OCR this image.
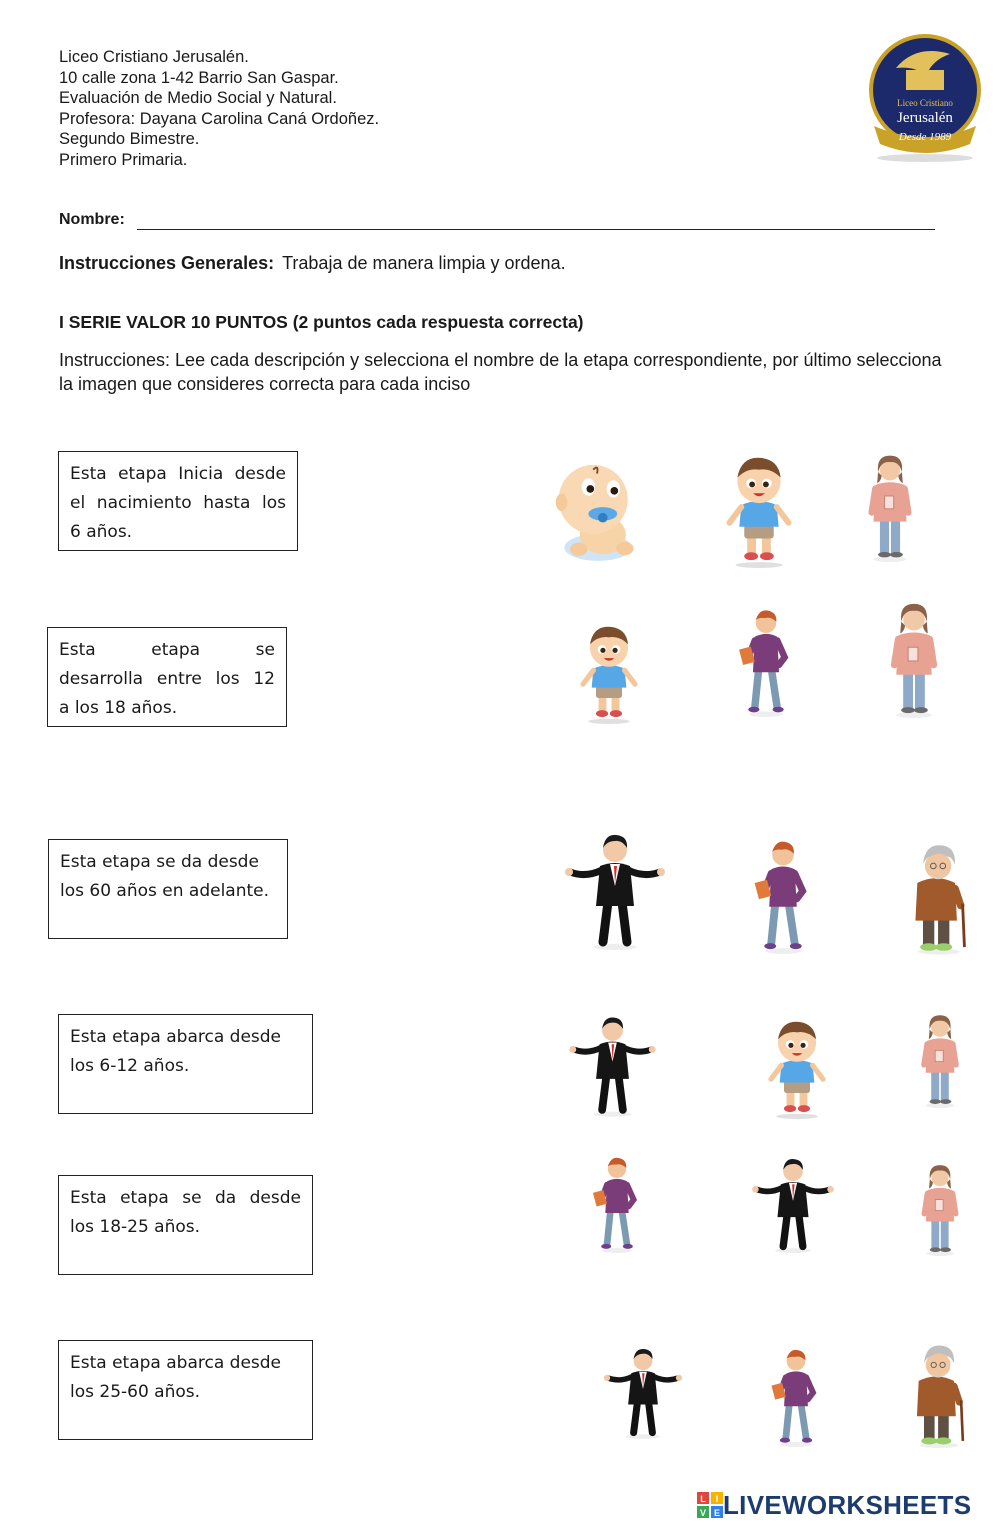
Liceo Cristiano Jerusalén.
10 calle zona 1-42 Barrio San Gaspar.
Evaluación de Medio Social y Natural.
Profesora: Dayana Carolina Caná Ordoñez.
Segundo Bimestre.
Primero Primaria.
Liceo Cristiano
Jerusalén
Desde 1989
Nombre:
Instrucciones Generales: Trabaja de manera limpia y ordena.
I SERIE VALOR 10 PUNTOS (2 puntos cada respuesta correcta)
Instrucciones: Lee cada descripción y selecciona el nombre de la etapa correspondiente, por último selecciona la imagen que consideres correcta para cada inciso
Esta etapa Inicia desde
el nacimiento hasta los
6 años.
Esta etapa se
desarrolla entre los 12
a los 18 años.
Esta etapa se da desde
los 60 años en adelante.
Esta etapa abarca desde
los 6-12 años.
Esta etapa se da desde
los 18-25 años.
Esta etapa abarca desde
los 25-60 años.
L I
V E LIVEWORKSHEETS
